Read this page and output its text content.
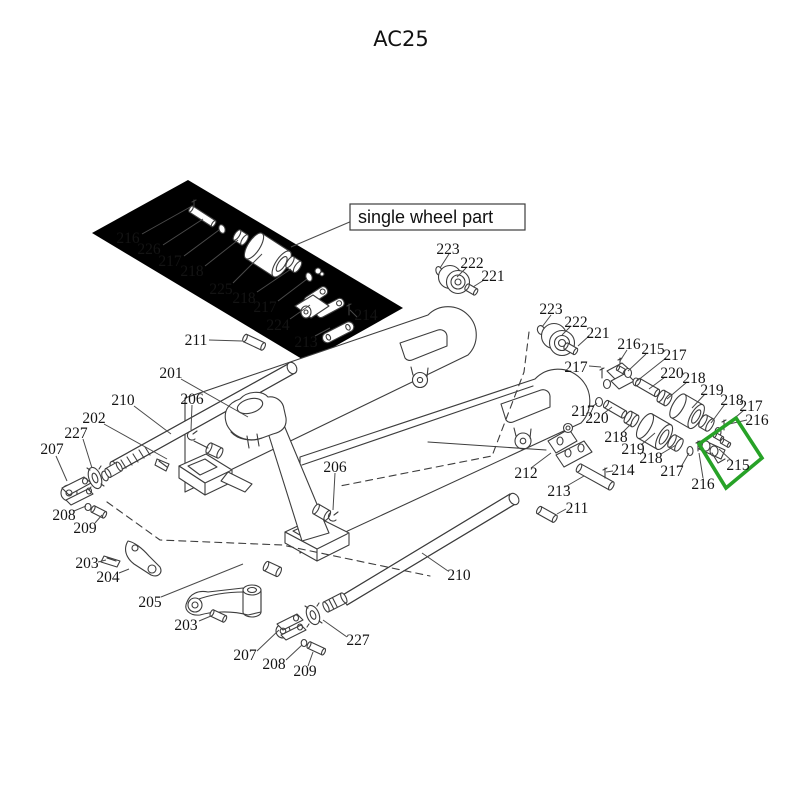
216
226
217
218
225
218
217
224
213
214
211
223
222
221
201
206
210
202
227
207
208
209
203
204
205
203
207
208 209
227
206
210
212
213
214
211
223
222
221
217
216 215
217
220
218
219
218
217
216
217
220
218
219
218
217
216
215
AC25
single wheel part
